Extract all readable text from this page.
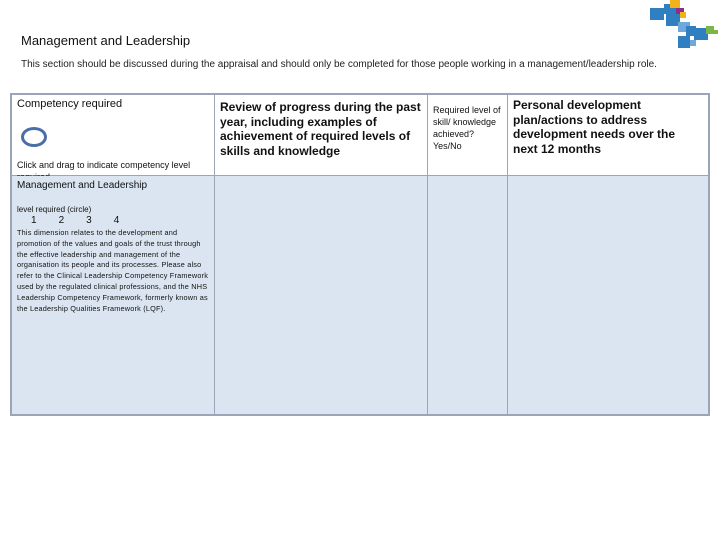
Management and Leadership
This section should be discussed during the appraisal and should only be completed for those people working in a management/leadership role.
Competency required
Click and drag to indicate competency level
Review of progress during the past year, including examples of achievement of required levels of skills and knowledge
Required level of skill/ knowledge achieved? Yes/No
Personal development plan/actions to address development needs over the next 12 months
Management and Leadership
level required (circle)
1 2 3 4
This dimension relates to the development and promotion of the values and goals of the trust through the effective leadership and management of the organisation its people and its processes. Please also refer to the Clinical Leadership Competency Framework used by the regulated clinical professions, and the NHS Leadership Competency Framework, formerly known as the Leadership Qualities Framework (LQF).
